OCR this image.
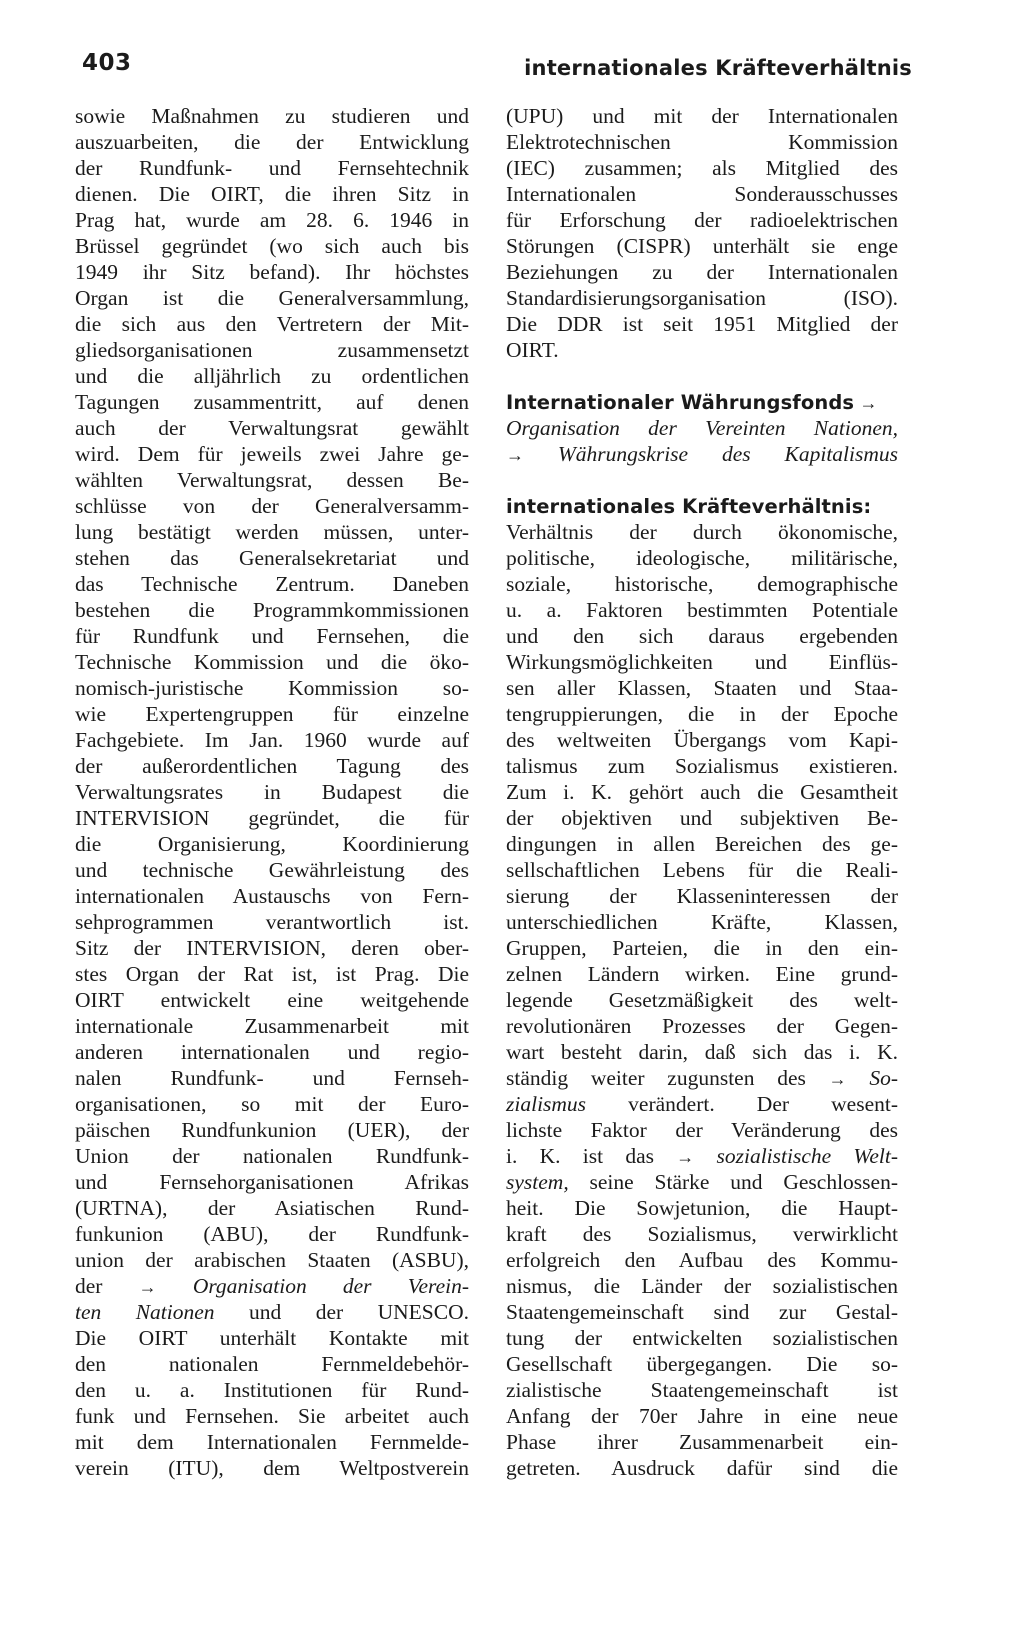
403	internationales Kräfteverhältnis
sowie Maßnahmen zu studieren und
auszuarbeiten, die der Entwicklung
der Rundfunk- und Fernsehtechnik
dienen. Die OIRT, die ihren Sitz in
Prag hat, wurde am 28. 6. 1946 in
Brüssel gegründet (wo sich auch bis
1949 ihr Sitz befand). Ihr höchstes
Organ ist die Generalversammlung,
die sich aus den Vertretern der Mit-
gliedsorganisationen zusammensetzt
und die alljährlich zu ordentlichen
Tagungen zusammentritt, auf denen
auch der Verwaltungsrat gewählt
wird. Dem für jeweils zwei Jahre ge-
wählten Verwaltungsrat, dessen Be-
schlüsse von der Generalversamm-
lung bestätigt werden müssen, unter-
stehen das Generalsekretariat und
das Technische Zentrum. Daneben
bestehen die Programmkommissionen
für Rundfunk und Fernsehen, die
Technische Kommission und die öko-
nomisch-juristische Kommission so-
wie Expertengruppen für einzelne
Fachgebiete. Im Jan. 1960 wurde auf
der außerordentlichen Tagung des
Verwaltungsrates in Budapest die
INTERVISION gegründet, die für
die Organisierung, Koordinierung
und technische Gewährleistung des
internationalen Austauschs von Fern-
sehprogrammen verantwortlich ist.
Sitz der INTERVISION, deren ober-
stes Organ der Rat ist, ist Prag. Die
OIRT entwickelt eine weitgehende
internationale Zusammenarbeit mit
anderen internationalen und regio-
nalen Rundfunk- und Fernseh-
organisationen, so mit der Euro-
päischen Rundfunkunion (UER), der
Union der nationalen Rundfunk-
und Fernsehorganisationen Afrikas
(URTNA), der Asiatischen Rund-
funkunion (ABU), der Rundfunk-
union der arabischen Staaten (ASBU),
der → Organisation der Verein-
ten Nationen und der UNESCO.
Die OIRT unterhält Kontakte mit
den nationalen Fernmeldebehör-
den u. a. Institutionen für Rund-
funk und Fernsehen. Sie arbeitet auch
mit dem Internationalen Fernmelde-
verein (ITU), dem Weltpostverein
(UPU) und mit der Internationalen
Elektrotechnischen Kommission
(IEC) zusammen; als Mitglied des
Internationalen Sonderausschusses
für Erforschung der radioelektrischen
Störungen (CISPR) unterhält sie enge
Beziehungen zu der Internationalen
Standardisierungsorganisation (ISO).
Die DDR ist seit 1951 Mitglied der
OIRT.
Internationaler Währungsfonds →
Organisation der Vereinten Nationen,
→ Währungskrise des Kapitalismus
internationales Kräfteverhältnis:
Verhältnis der durch ökonomische,
politische, ideologische, militärische,
soziale, historische, demographische
u. a. Faktoren bestimmten Potentiale
und den sich daraus ergebenden
Wirkungsmöglichkeiten und Einflüs-
sen aller Klassen, Staaten und Staa-
tengruppierungen, die in der Epoche
des weltweiten Übergangs vom Kapi-
talismus zum Sozialismus existieren.
Zum i. K. gehört auch die Gesamtheit
der objektiven und subjektiven Be-
dingungen in allen Bereichen des ge-
sellschaftlichen Lebens für die Reali-
sierung der Klasseninteressen der
unterschiedlichen Kräfte, Klassen,
Gruppen, Parteien, die in den ein-
zelnen Ländern wirken. Eine grund-
legende Gesetzmäßigkeit des welt-
revolutionären Prozesses der Gegen-
wart besteht darin, daß sich das i. K.
ständig weiter zugunsten des → So-
zialismus verändert. Der wesent-
lichste Faktor der Veränderung des
i. K. ist das → sozialistische Welt-
system, seine Stärke und Geschlossen-
heit. Die Sowjetunion, die Haupt-
kraft des Sozialismus, verwirklicht
erfolgreich den Aufbau des Kommu-
nismus, die Länder der sozialistischen
Staatengemeinschaft sind zur Gestal-
tung der entwickelten sozialistischen
Gesellschaft übergegangen. Die so-
zialistische Staatengemeinschaft ist
Anfang der 70er Jahre in eine neue
Phase ihrer Zusammenarbeit ein-
getreten. Ausdruck dafür sind die
